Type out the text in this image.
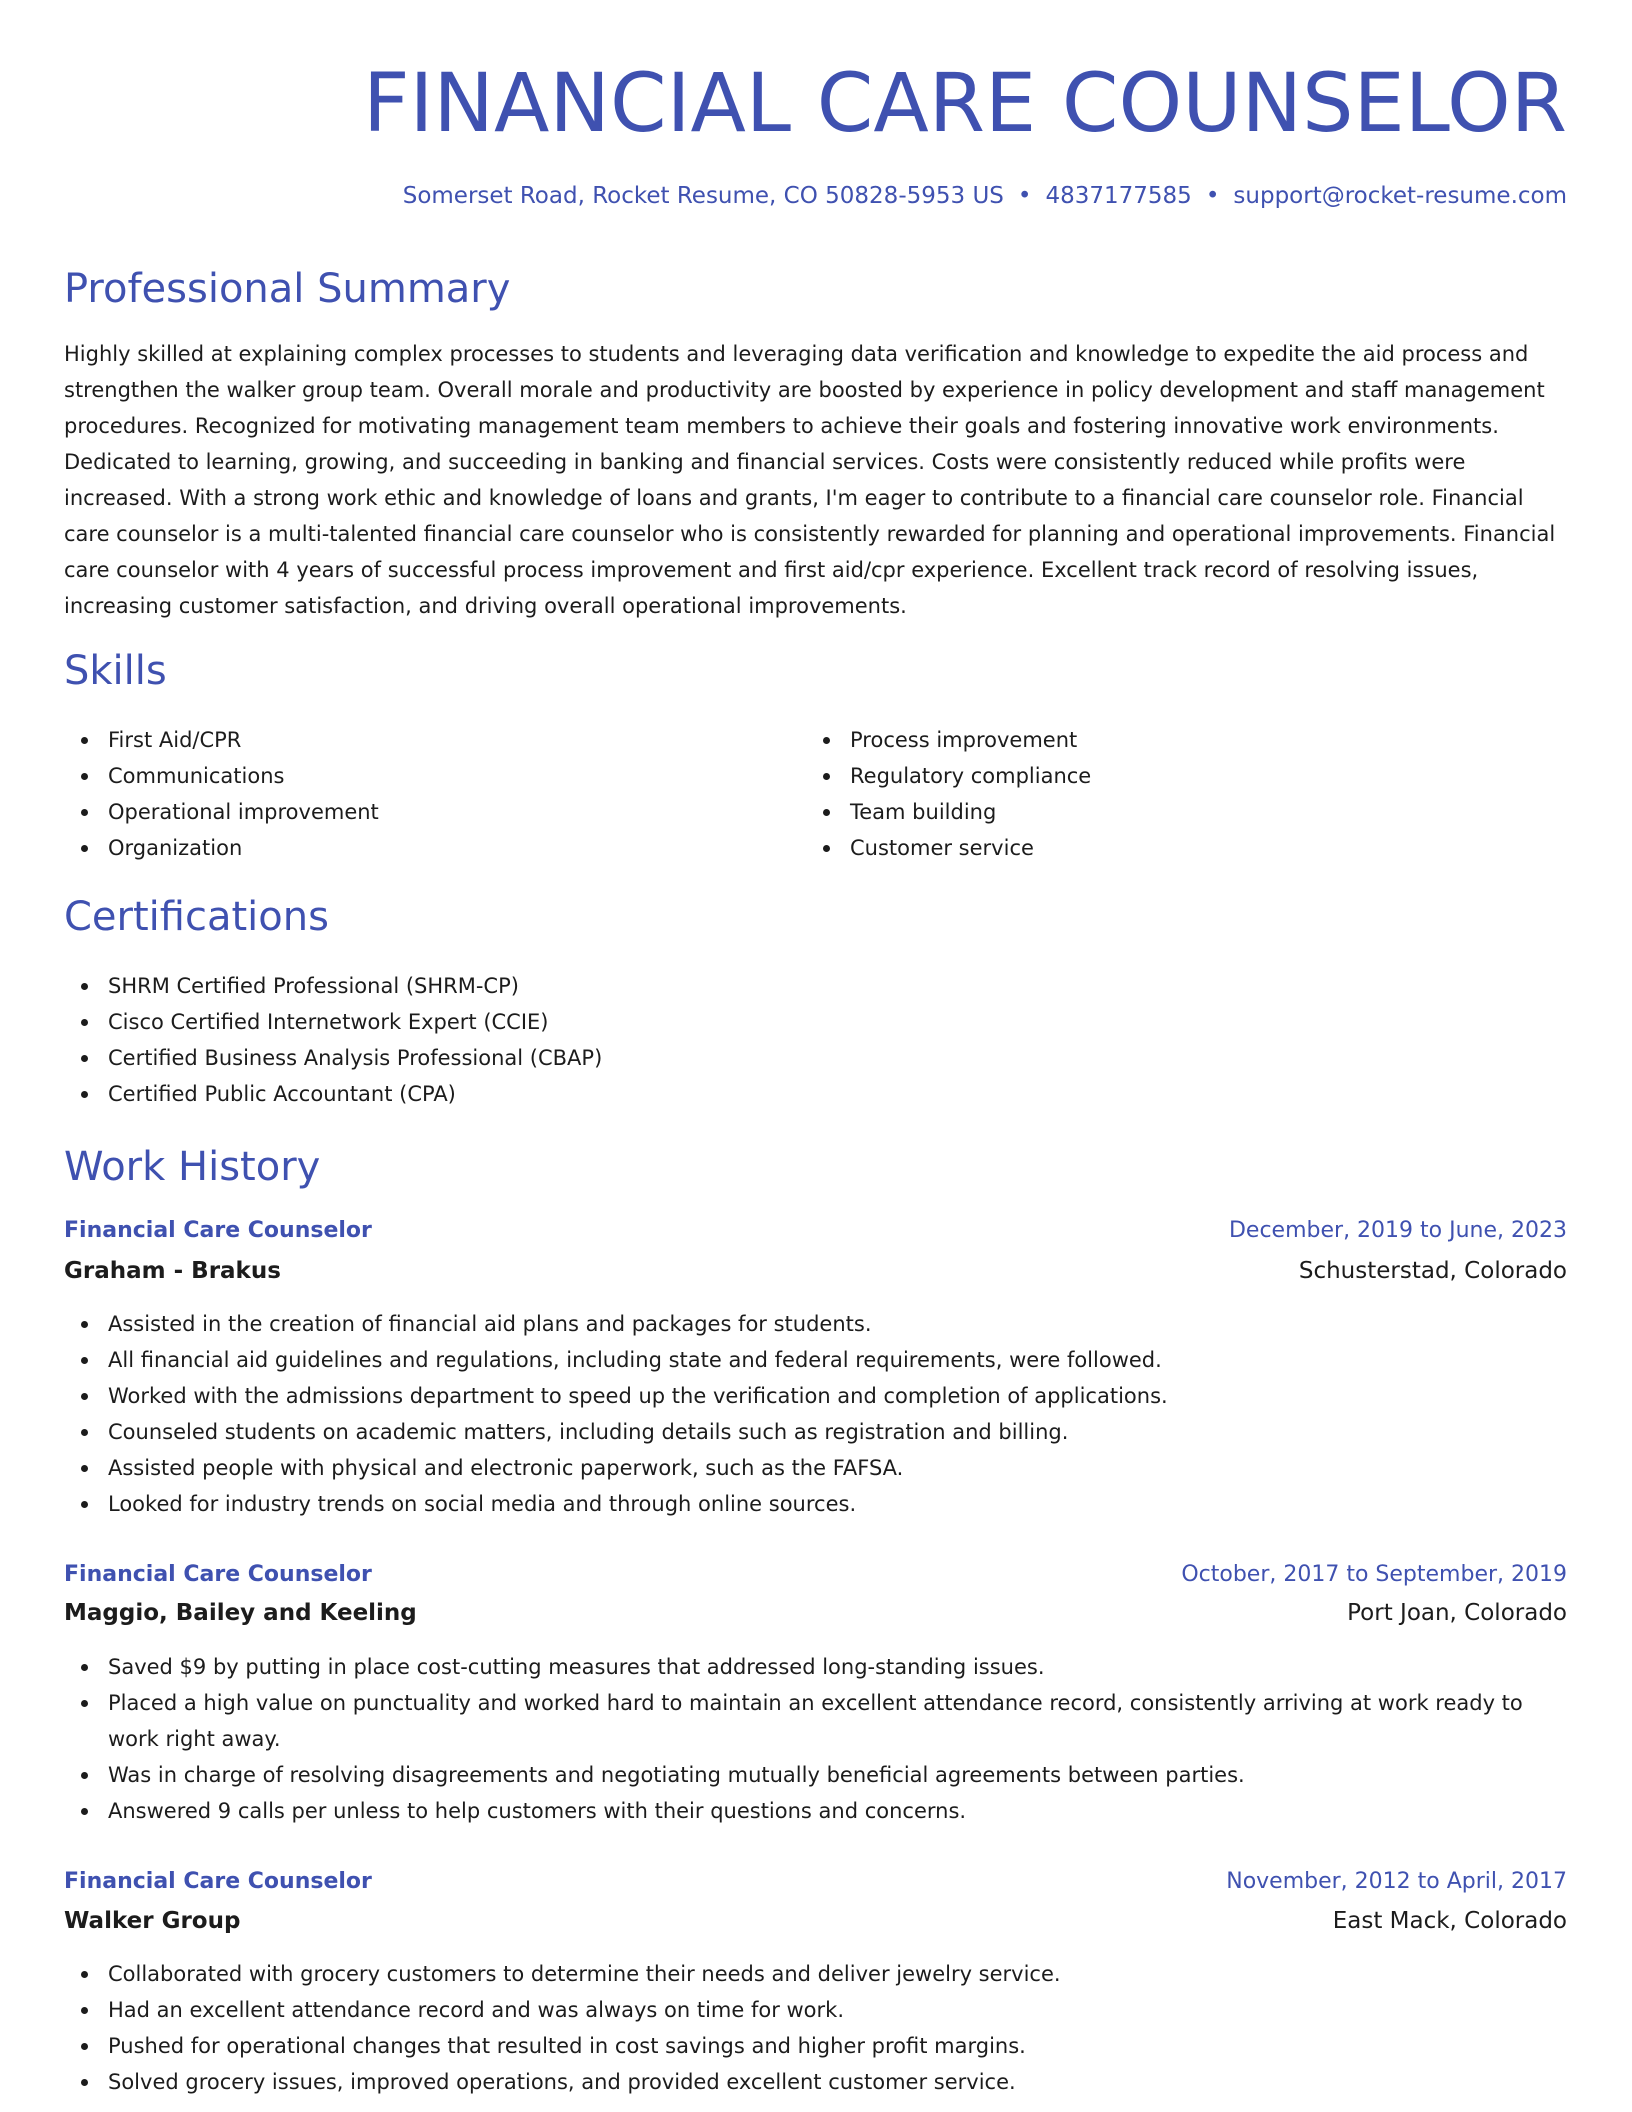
FINANCIAL CARE COUNSELOR
Somerset Road, Rocket Resume, CO 50828-5953 US • 4837177585 • support@rocket-resume.com
Professional Summary

Highly skilled at explaining complex processes to students and leveraging data verification and knowledge to expedite the aid process and strengthen the walker group team. Overall morale and productivity are boosted by experience in policy development and staff management procedures. Recognized for motivating management team members to achieve their goals and fostering innovative work environments. Dedicated to learning, growing, and succeeding in banking and financial services. Costs were consistently reduced while profits were increased. With a strong work ethic and knowledge of loans and grants, I'm eager to contribute to a financial care counselor role. Financial care counselor is a multi-talented financial care counselor who is consistently rewarded for planning and operational improvements. Financial care counselor with 4 years of successful process improvement and first aid/cpr experience. Excellent track record of resolving issues, increasing customer satisfaction, and driving overall operational improvements.

Skills
First Aid/CPR
Communications
Operational improvement
Organization
Process improvement
Regulatory compliance
Team building
Customer service
Certifications
SHRM Certified Professional (SHRM-CP)
Cisco Certified Internetwork Expert (CCIE)
Certified Business Analysis Professional (CBAP)
Certified Public Accountant (CPA)
Work History
Financial Care Counselor	December, 2019 to June, 2023
Graham - Brakus	Schusterstad, Colorado
Assisted in the creation of financial aid plans and packages for students.
All financial aid guidelines and regulations, including state and federal requirements, were followed.
Worked with the admissions department to speed up the verification and completion of applications.
Counseled students on academic matters, including details such as registration and billing.
Assisted people with physical and electronic paperwork, such as the FAFSA.
Looked for industry trends on social media and through online sources.
Financial Care Counselor	October, 2017 to September, 2019
Maggio, Bailey and Keeling	Port Joan, Colorado
Saved $9 by putting in place cost-cutting measures that addressed long-standing issues.
Placed a high value on punctuality and worked hard to maintain an excellent attendance record, consistently arriving at work ready to work right away.
Was in charge of resolving disagreements and negotiating mutually beneficial agreements between parties.
Answered 9 calls per unless to help customers with their questions and concerns.
Financial Care Counselor	November, 2012 to April, 2017
Walker Group	East Mack, Colorado
Collaborated with grocery customers to determine their needs and deliver jewelry service.
Had an excellent attendance record and was always on time for work.
Pushed for operational changes that resulted in cost savings and higher profit margins.
Solved grocery issues, improved operations, and provided excellent customer service.
